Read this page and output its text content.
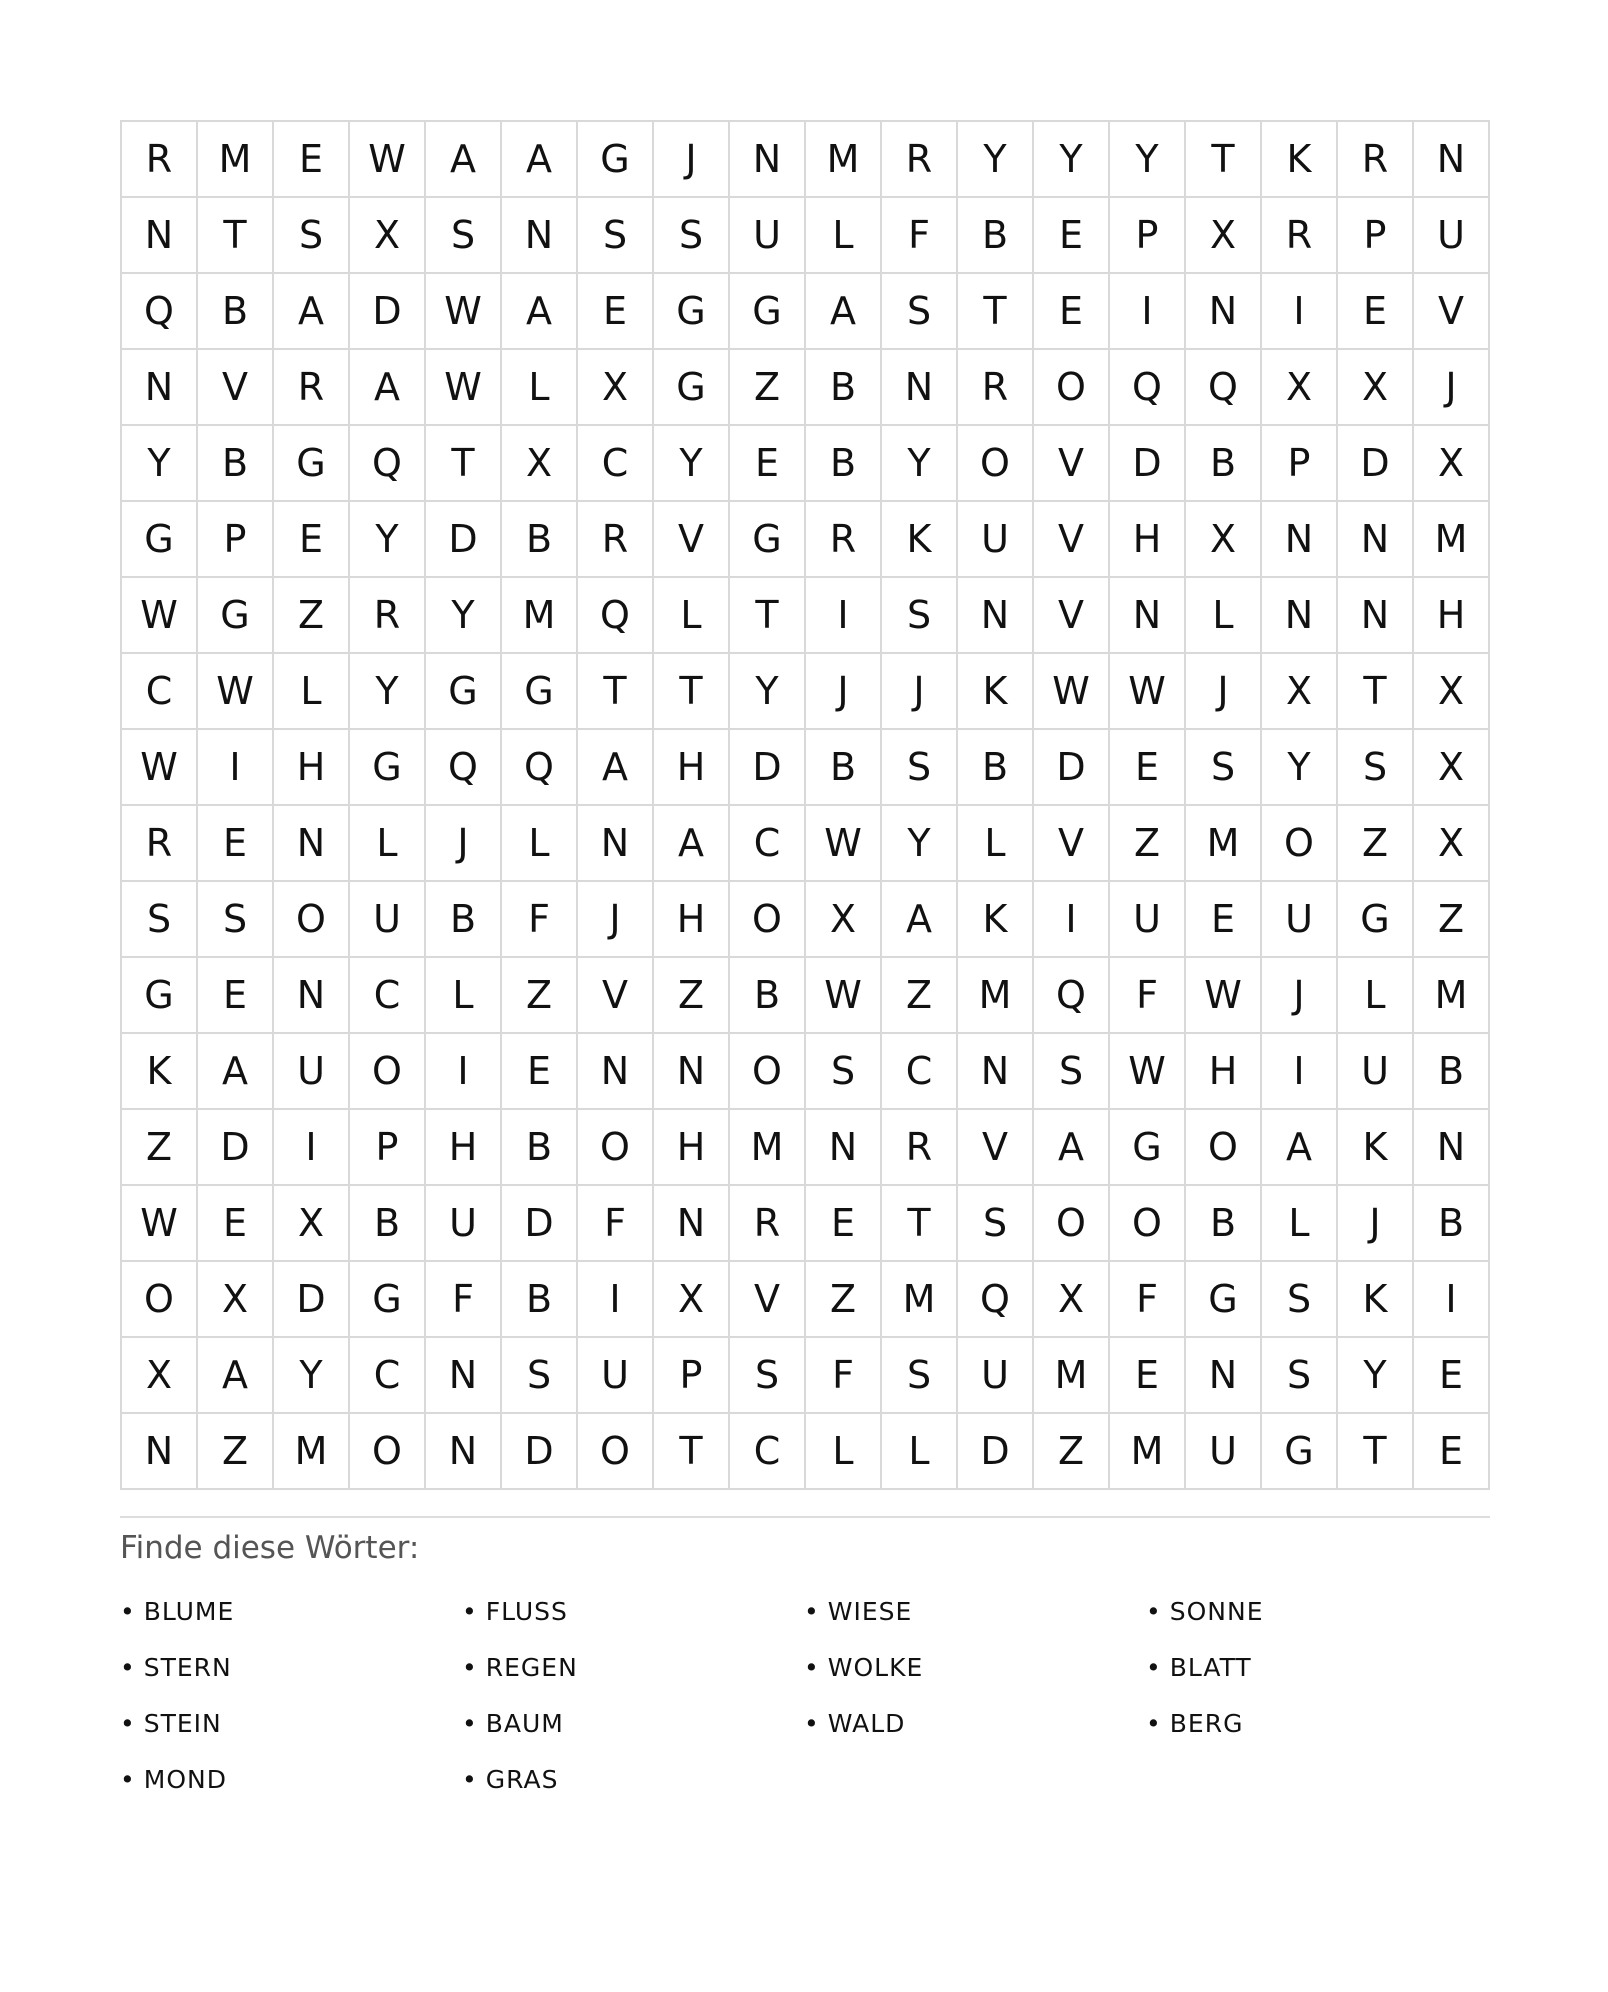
R	M	E	W	A	A	G	J	N	M	R	Y	Y	Y	T	K	R	N
N	T	S	X	S	N	S	S	U	L	F	B	E	P	X	R	P	U
Q	B	A	D	W	A	E	G	G	A	S	T	E	I	N	I	E	V
N	V	R	A	W	L	X	G	Z	B	N	R	O	Q	Q	X	X	J
Y	B	G	Q	T	X	C	Y	E	B	Y	O	V	D	B	P	D	X
G	P	E	Y	D	B	R	V	G	R	K	U	V	H	X	N	N	M
W	G	Z	R	Y	M	Q	L	T	I	S	N	V	N	L	N	N	H
C	W	L	Y	G	G	T	T	Y	J	J	K	W	W	J	X	T	X
W	I	H	G	Q	Q	A	H	D	B	S	B	D	E	S	Y	S	X
R	E	N	L	J	L	N	A	C	W	Y	L	V	Z	M	O	Z	X
S	S	O	U	B	F	J	H	O	X	A	K	I	U	E	U	G	Z
G	E	N	C	L	Z	V	Z	B	W	Z	M	Q	F	W	J	L	M
K	A	U	O	I	E	N	N	O	S	C	N	S	W	H	I	U	B
Z	D	I	P	H	B	O	H	M	N	R	V	A	G	O	A	K	N
W	E	X	B	U	D	F	N	R	E	T	S	O	O	B	L	J	B
O	X	D	G	F	B	I	X	V	Z	M	Q	X	F	G	S	K	I
X	A	Y	C	N	S	U	P	S	F	S	U	M	E	N	S	Y	E
N	Z	M	O	N	D	O	T	C	L	L	D	Z	M	U	G	T	E
Finde diese Wörter:
• BLUME	• FLUSS	• WIESE	• SONNE
• STERN	• REGEN	• WOLKE	• BLATT
• STEIN	• BAUM	• WALD	• BERG
• MOND	• GRAS
